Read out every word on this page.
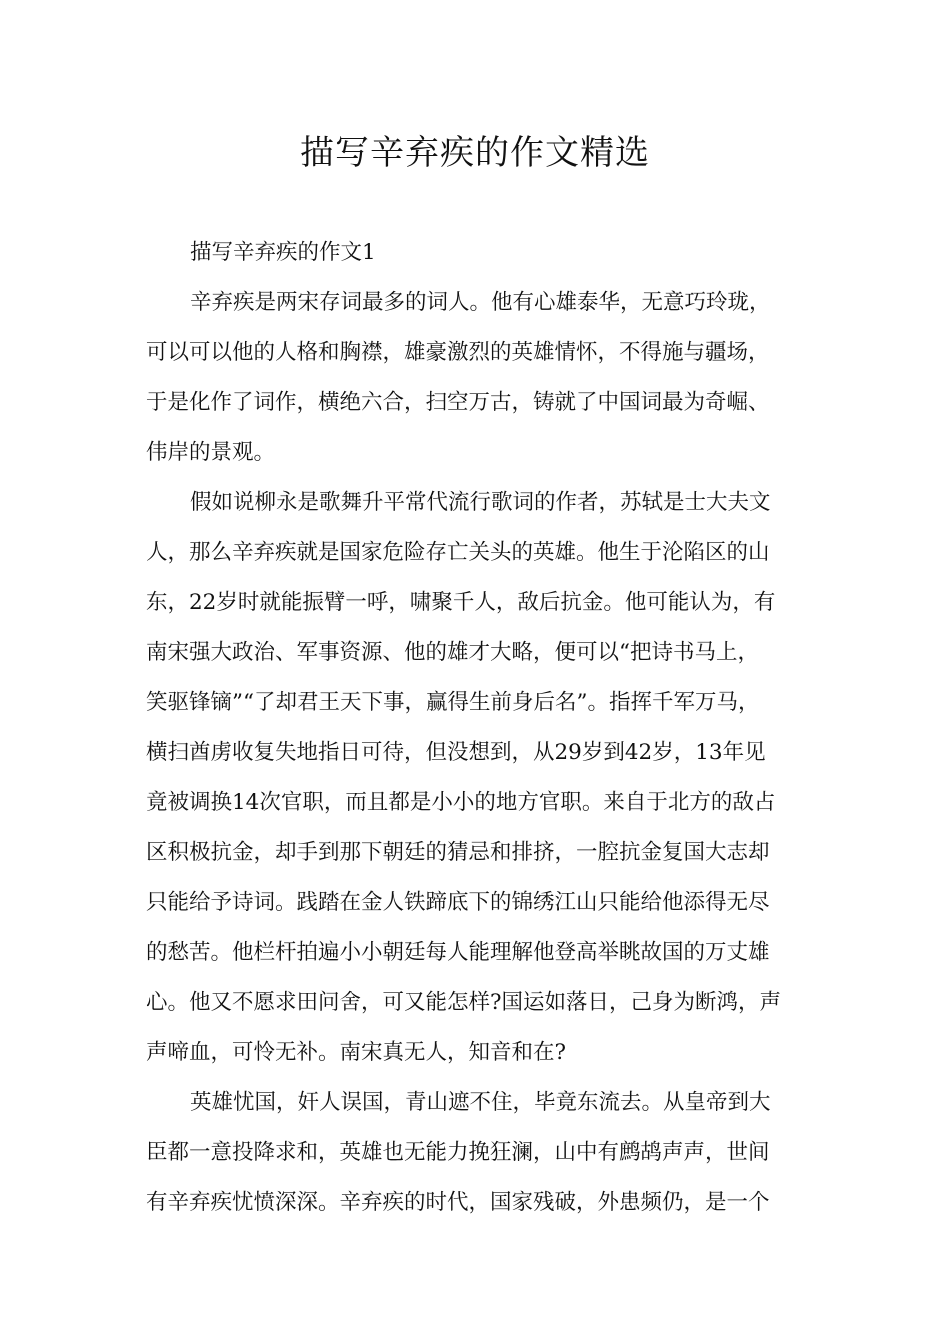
描写辛弃疾的作文精选

描写辛弃疾的作文1

辛弃疾是两宋存词最多的词人。他有心雄泰华，无意巧玲珑，

可以可以他的人格和胸襟，雄豪激烈的英雄情怀，不得施与疆场，

于是化作了词作，横绝六合，扫空万古，铸就了中国词最为奇崛、

伟岸的景观。

假如说柳永是歌舞升平常代流行歌词的作者，苏轼是士大夫文

人，那么辛弃疾就是国家危险存亡关头的英雄。他生于沦陷区的山

东，22岁时就能振臂一呼，啸聚千人，敌后抗金。他可能认为，有

南宋强大政治、军事资源、他的雄才大略，便可以“把诗书马上，

笑驱锋镝”“了却君王天下事，赢得生前身后名”。指挥千军万马，

横扫酋虏收复失地指日可待，但没想到，从29岁到42岁，13年见

竟被调换14次官职，而且都是小小的地方官职。来自于北方的敌占

区积极抗金，却手到那下朝廷的猜忌和排挤，一腔抗金复国大志却

只能给予诗词。践踏在金人铁蹄底下的锦绣江山只能给他添得无尽

的愁苦。他栏杆拍遍小小朝廷每人能理解他登高举眺故国的万丈雄

心。他又不愿求田问舍，可又能怎样?国运如落日，己身为断鸿，声

声啼血，可怜无补。南宋真无人，知音和在?

英雄忧国，奸人误国，青山遮不住，毕竟东流去。从皇帝到大

臣都一意投降求和，英雄也无能力挽狂澜，山中有鹧鸪声声，世间

有辛弃疾忧愤深深。辛弃疾的时代，国家残破，外患频仍，是一个
